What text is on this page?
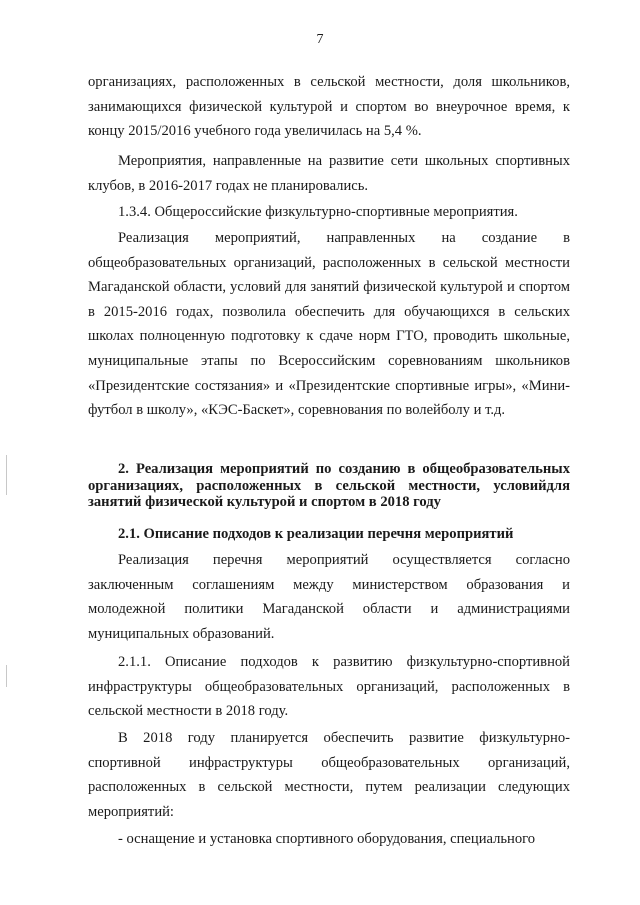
7

организациях, расположенных в сельской местности, доля школьников, занимающихся физической культурой и спортом во внеурочное время, к концу 2015/2016 учебного года увеличилась на 5,4 %.

Мероприятия, направленные на развитие сети школьных спортивных клубов, в 2016-2017 годах не планировались.

1.3.4. Общероссийские физкультурно-спортивные мероприятия.

Реализация мероприятий, направленных на создание в общеобразовательных организаций, расположенных в сельской местности Магаданской области, условий для занятий физической культурой и спортом в 2015-2016 годах, позволила обеспечить для обучающихся в сельских школах полноценную подготовку к сдаче норм ГТО, проводить школьные, муниципальные этапы по Всероссийским соревнованиям школьников «Президентские состязания» и «Президентские спортивные игры», «Мини-футбол в школу», «КЭС-Баскет», соревнования по волейболу и т.д.

2. Реализация мероприятий по созданию в общеобразовательных организациях, расположенных в сельской местности, условийдля занятий физической культурой и спортом в 2018 году

2.1. Описание подходов к реализации перечня мероприятий

Реализация перечня мероприятий осуществляется согласно заключенным соглашениям между министерством образования и молодежной политики Магаданской области и администрациями муниципальных образований.

2.1.1. Описание подходов к развитию физкультурно-спортивной инфраструктуры общеобразовательных организаций, расположенных в сельской местности в 2018 году.

В 2018 году планируется обеспечить развитие физкультурно-спортивной инфраструктуры общеобразовательных организаций, расположенных в сельской местности, путем реализации следующих мероприятий:

- оснащение и установка спортивного оборудования, специального
